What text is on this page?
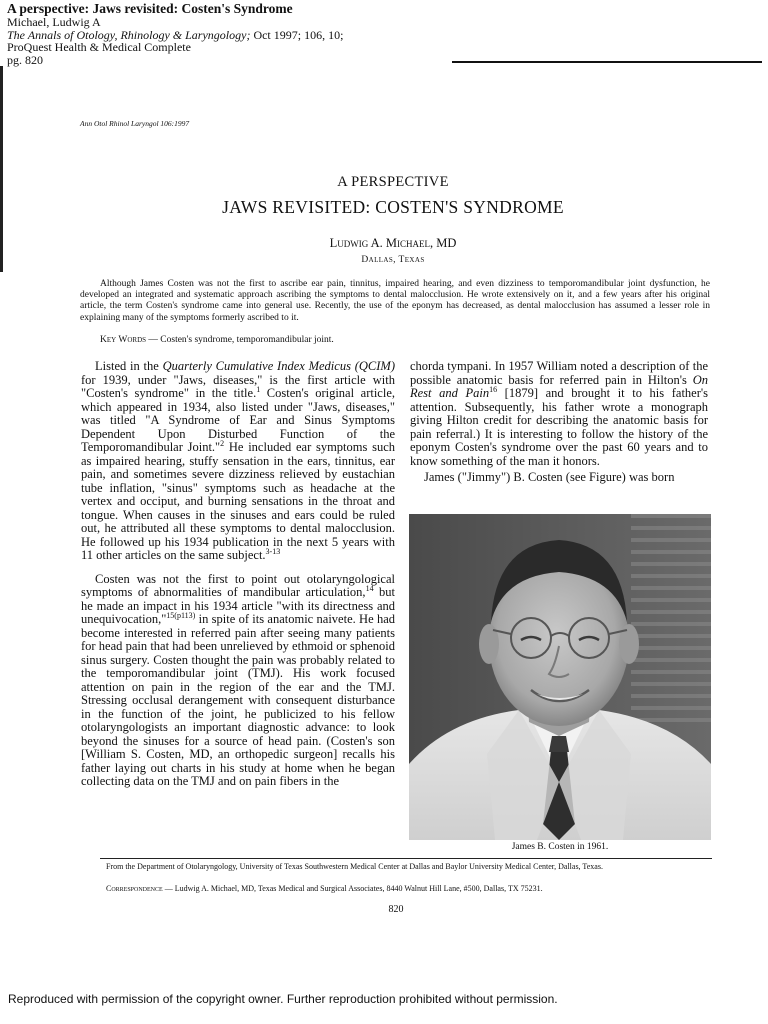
A perspective: Jaws revisited: Costen's Syndrome
Michael, Ludwig A
The Annals of Otology, Rhinology & Laryngology; Oct 1997; 106, 10;
ProQuest Health & Medical Complete
pg. 820
Ann Otol Rhinol Laryngol 106:1997
A PERSPECTIVE
JAWS REVISITED: COSTEN'S SYNDROME
Ludwig A. Michael, MD
Dallas, Texas
Although James Costen was not the first to ascribe ear pain, tinnitus, impaired hearing, and even dizziness to temporomandibular joint dysfunction, he developed an integrated and systematic approach ascribing the symptoms to dental malocclusion. He wrote extensively on it, and a few years after his original article, the term Costen's syndrome came into general use. Recently, the use of the eponym has decreased, as dental malocclusion has assumed a lesser role in explaining many of the symptoms formerly ascribed to it.
Key Words — Costen's syndrome, temporomandibular joint.

Listed in the Quarterly Cumulative Index Medicus (QCIM) for 1939, under "Jaws, diseases," is the first article with "Costen's syndrome" in the title.$^1$ Costen's original article, which appeared in 1934, also listed under "Jaws, diseases," was titled "A Syndrome of Ear and Sinus Symptoms Dependent Upon Disturbed Function of the Temporomandibular Joint."$^2$ He included ear symptoms such as impaired hearing, stuffy sensation in the ears, tinnitus, ear pain, and sometimes severe dizziness relieved by eustachian tube inflation, "sinus" symptoms such as headache at the vertex and occiput, and burning sensations in the throat and tongue. When causes in the sinuses and ears could be ruled out, he attributed all these symptoms to dental malocclusion. He followed up his 1934 publication in the next 5 years with 11 other articles on the same subject.$^{3-13}$

Costen was not the first to point out otolaryngological symptoms of abnormalities of mandibular articulation,$^{14}$ but he made an impact in his 1934 article "with its directness and unequivocation,"$^{15(p113)}$ in spite of its anatomic naivete. He had become interested in referred pain after seeing many patients for head pain that had been unrelieved by ethmoid or sphenoid sinus surgery. Costen thought the pain was probably related to the temporomandibular joint (TMJ). His work focused attention on pain in the region of the ear and the TMJ. Stressing occlusal derangement with consequent disturbance in the function of the joint, he publicized to his fellow otolaryngologists an important diagnostic advance: to look beyond the sinuses for a source of head pain. (Costen's son [William S. Costen, MD, an orthopedic surgeon] recalls his father laying out charts in his study at home when he began collecting data on the TMJ and on pain fibers in the

chorda tympani. In 1957 William noted a description of the possible anatomic basis for referred pain in Hilton's On Rest and Pain$^{16}$ [1879] and brought it to his father's attention. Subsequently, his father wrote a monograph giving Hilton credit for describing the anatomic basis for pain referral.) It is interesting to follow the history of the eponym Costen's syndrome over the past 60 years and to know something of the man it honors.

James ("Jimmy") B. Costen (see Figure) was born

James B. Costen in 1961.
From the Department of Otolaryngology, University of Texas Southwestern Medical Center at Dallas and Baylor University Medical Center, Dallas, Texas.
Correspondence — Ludwig A. Michael, MD, Texas Medical and Surgical Associates, 8440 Walnut Hill Lane, #500, Dallas, TX 75231.
820
Reproduced with permission of the copyright owner. Further reproduction prohibited without permission.
